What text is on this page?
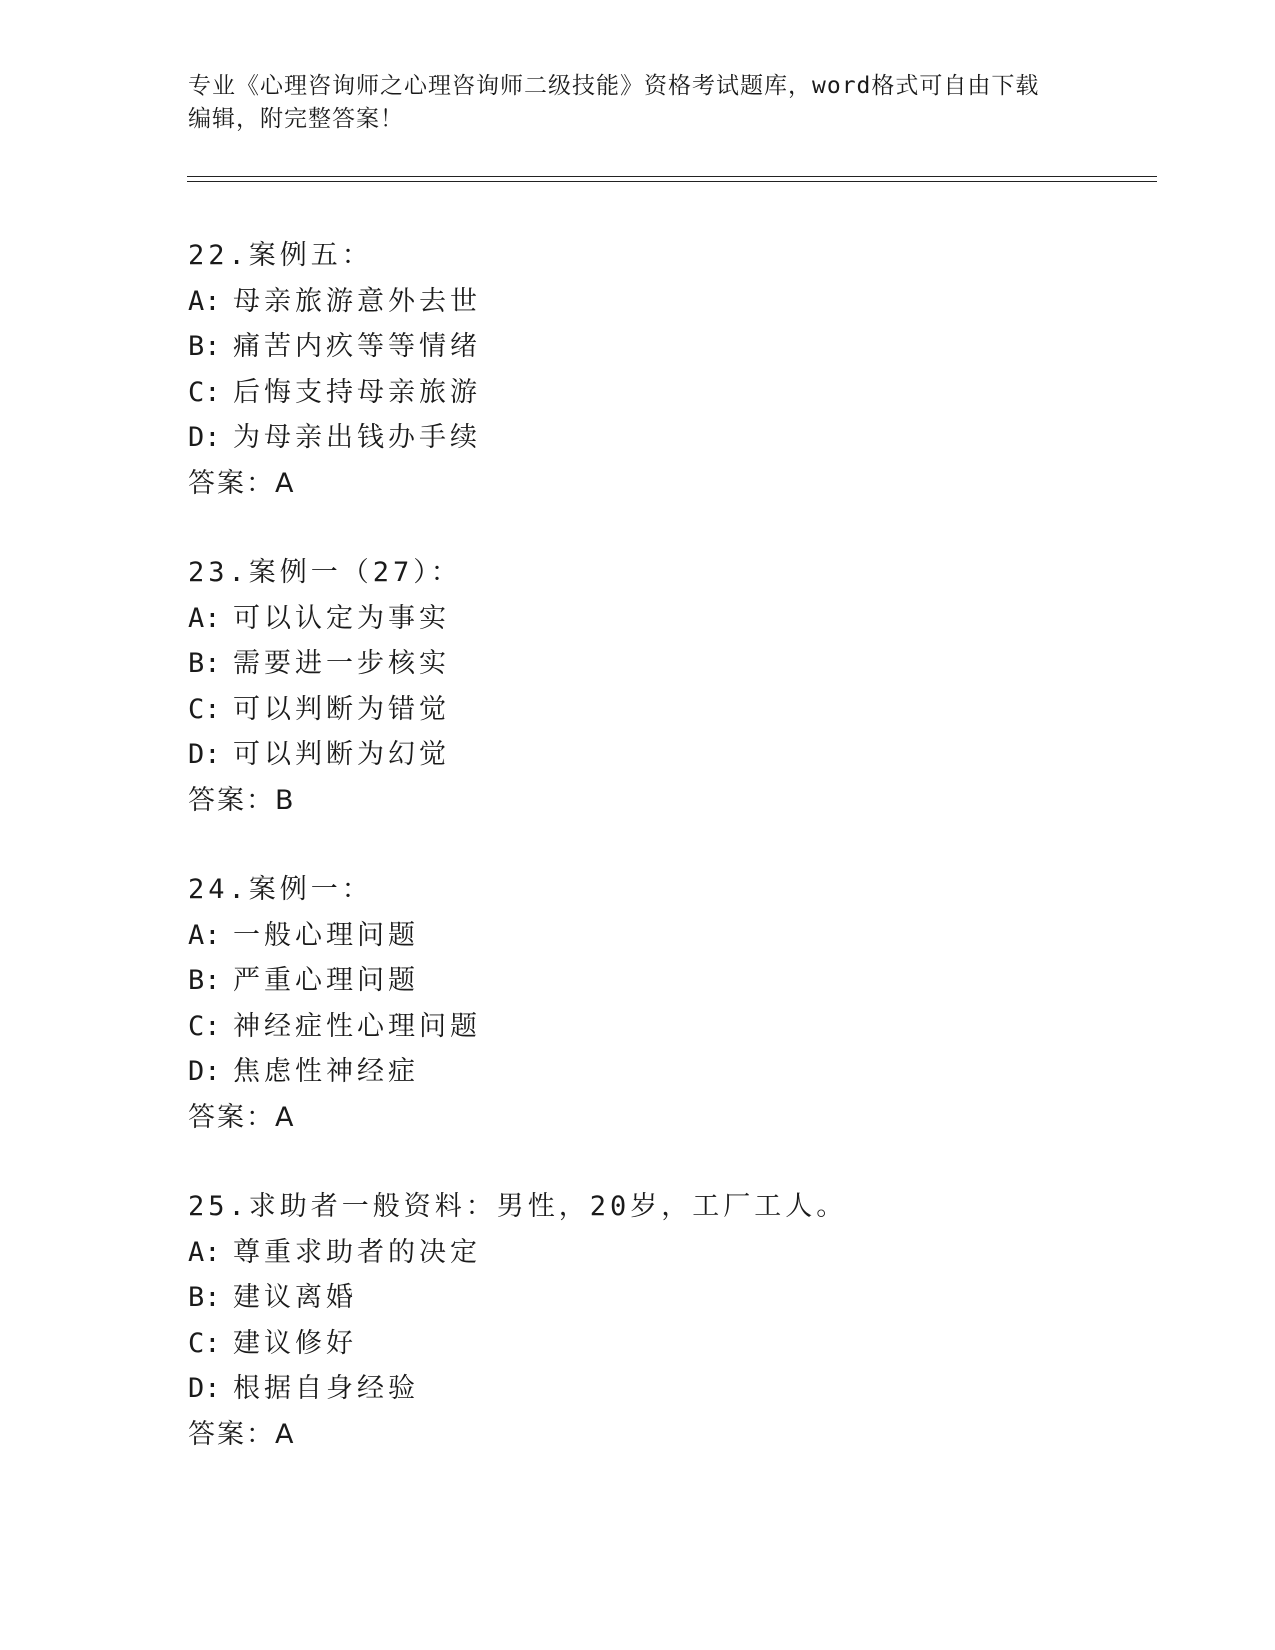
专业《心理咨询师之心理咨询师二级技能》资格考试题库，word格式可自由下载
编辑，附完整答案！
22.案例五：
A: 母亲旅游意外去世
B: 痛苦内疚等等情绪
C: 后悔支持母亲旅游
D: 为母亲出钱办手续
答案：A
23.案例一（27）：
A: 可以认定为事实
B: 需要进一步核实
C: 可以判断为错觉
D: 可以判断为幻觉
答案：B
24.案例一：
A: 一般心理问题
B: 严重心理问题
C: 神经症性心理问题
D: 焦虑性神经症
答案：A
25.求助者一般资料：男性，20岁，工厂工人。
A: 尊重求助者的决定
B: 建议离婚
C: 建议修好
D: 根据自身经验
答案：A
